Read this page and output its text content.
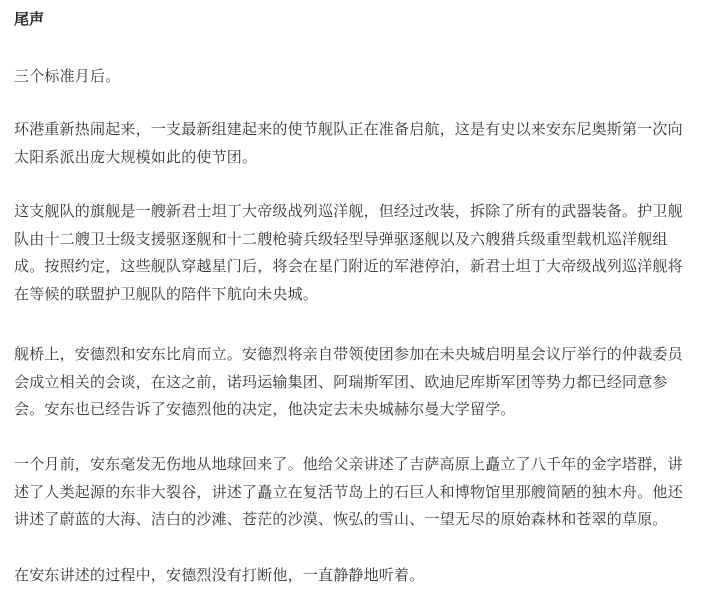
尾声

三个标准月后。

环港重新热闹起来，一支最新组建起来的使节舰队正在准备启航，这是有史以来安东尼奥斯第一次向
太阳系派出庞大规模如此的使节团。

这支舰队的旗舰是一艘新君士坦丁大帝级战列巡洋舰，但经过改装，拆除了所有的武器装备。护卫舰
队由十二艘卫士级支援驱逐舰和十二艘枪骑兵级轻型导弹驱逐舰以及六艘猎兵级重型载机巡洋舰组
成。按照约定，这些舰队穿越星门后，将会在星门附近的军港停泊，新君士坦丁大帝级战列巡洋舰将
在等候的联盟护卫舰队的陪伴下航向未央城。

舰桥上，安德烈和安东比肩而立。安德烈将亲自带领使团参加在未央城启明星会议厅举行的仲裁委员
会成立相关的会谈，在这之前，诺玛运输集团、阿瑞斯军团、欧迪尼库斯军团等势力都已经同意参
会。安东也已经告诉了安德烈他的决定，他决定去未央城赫尔曼大学留学。

一个月前，安东毫发无伤地从地球回来了。他给父亲讲述了吉萨高原上矗立了八千年的金字塔群，讲
述了人类起源的东非大裂谷，讲述了矗立在复活节岛上的石巨人和博物馆里那艘简陋的独木舟。他还
讲述了蔚蓝的大海、洁白的沙滩、苍茫的沙漠、恢弘的雪山、一望无尽的原始森林和苍翠的草原。

在安东讲述的过程中，安德烈没有打断他，一直静静地听着。
